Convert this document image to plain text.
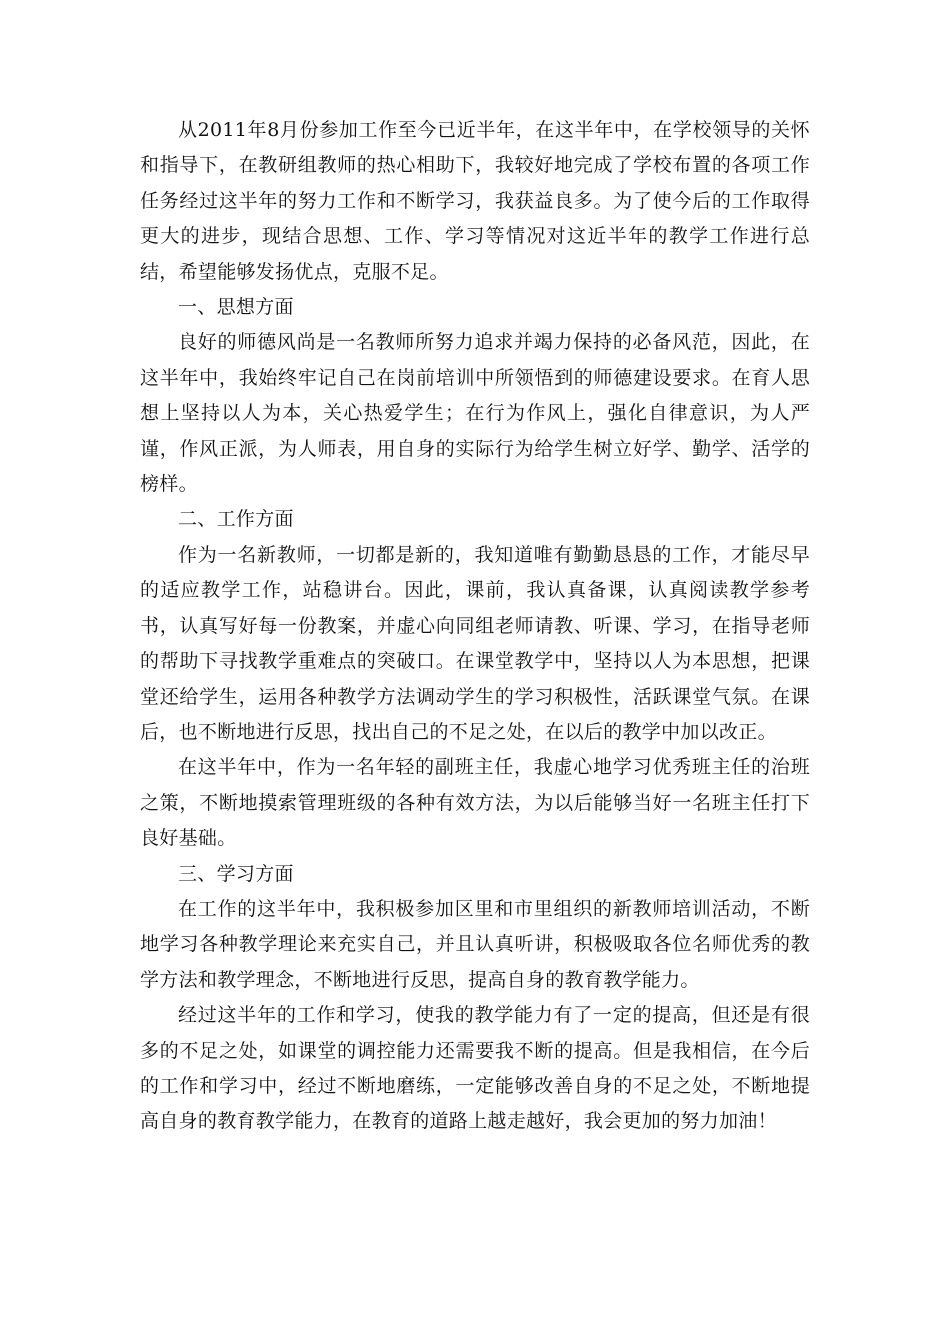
从2011年8月份参加工作至今已近半年，在这半年中，在学校领导的关怀和指导下，在教研组教师的热心相助下，我较好地完成了学校布置的各项工作任务经过这半年的努力工作和不断学习，我获益良多。为了使今后的工作取得更大的进步，现结合思想、工作、学习等情况对这近半年的教学工作进行总结，希望能够发扬优点，克服不足。

一、思想方面

良好的师德风尚是一名教师所努力追求并竭力保持的必备风范，因此，在这半年中，我始终牢记自己在岗前培训中所领悟到的师德建设要求。在育人思想上坚持以人为本，关心热爱学生；在行为作风上，强化自律意识，为人严谨，作风正派，为人师表，用自身的实际行为给学生树立好学、勤学、活学的榜样。

二、工作方面

作为一名新教师，一切都是新的，我知道唯有勤勤恳恳的工作，才能尽早的适应教学工作，站稳讲台。因此，课前，我认真备课，认真阅读教学参考书，认真写好每一份教案，并虚心向同组老师请教、听课、学习，在指导老师的帮助下寻找教学重难点的突破口。在课堂教学中，坚持以人为本思想，把课堂还给学生，运用各种教学方法调动学生的学习积极性，活跃课堂气氛。在课后，也不断地进行反思，找出自己的不足之处，在以后的教学中加以改正。

在这半年中，作为一名年轻的副班主任，我虚心地学习优秀班主任的治班之策，不断地摸索管理班级的各种有效方法，为以后能够当好一名班主任打下良好基础。

三、学习方面

在工作的这半年中，我积极参加区里和市里组织的新教师培训活动，不断地学习各种教学理论来充实自己，并且认真听讲，积极吸取各位名师优秀的教学方法和教学理念，不断地进行反思，提高自身的教育教学能力。

经过这半年的工作和学习，使我的教学能力有了一定的提高，但还是有很多的不足之处，如课堂的调控能力还需要我不断的提高。但是我相信，在今后的工作和学习中，经过不断地磨练，一定能够改善自身的不足之处，不断地提高自身的教育教学能力，在教育的道路上越走越好，我会更加的努力加油！
